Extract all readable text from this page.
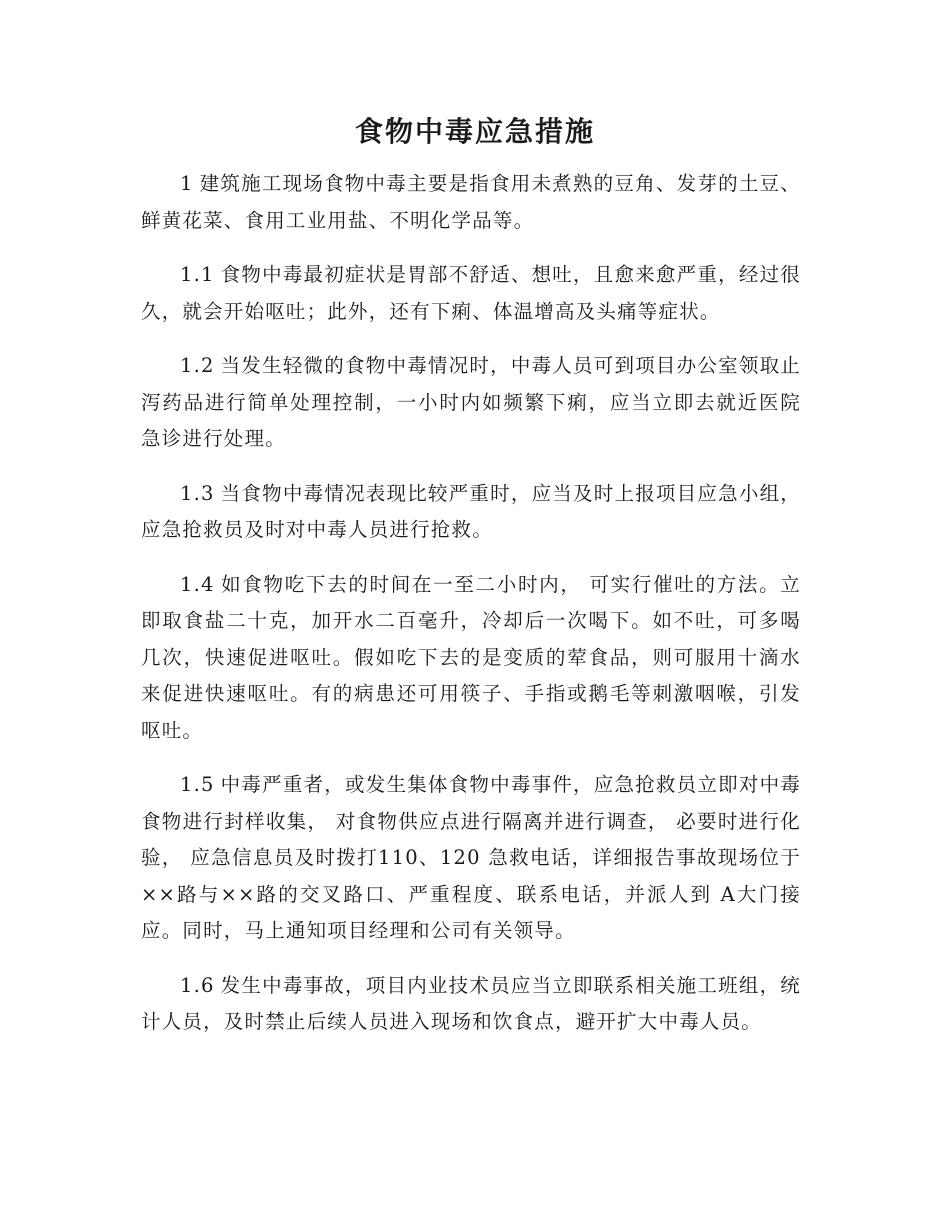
食物中毒应急措施

1 建筑施工现场食物中毒主要是指食用未煮熟的豆角、发芽的土豆、鲜黄花菜、食用工业用盐、不明化学品等。

1.1 食物中毒最初症状是胃部不舒适、想吐，且愈来愈严重，经过很久，就会开始呕吐；此外，还有下痢、体温增高及头痛等症状。

1.2 当发生轻微的食物中毒情况时，中毒人员可到项目办公室领取止泻药品进行简单处理控制，一小时内如频繁下痢，应当立即去就近医院急诊进行处理。

1.3 当食物中毒情况表现比较严重时，应当及时上报项目应急小组，应急抢救员及时对中毒人员进行抢救。

1.4 如食物吃下去的时间在一至二小时内， 可实行催吐的方法。立即取食盐二十克，加开水二百毫升，冷却后一次喝下。如不吐，可多喝几次，快速促进呕吐。假如吃下去的是变质的荤食品，则可服用十滴水来促进快速呕吐。有的病患还可用筷子、手指或鹅毛等刺激咽喉，引发呕吐。

1.5 中毒严重者，或发生集体食物中毒事件，应急抢救员立即对中毒食物进行封样收集， 对食物供应点进行隔离并进行调查， 必要时进行化验， 应急信息员及时拨打110、120 急救电话，详细报告事故现场位于××路与××路的交叉路口、严重程度、联系电话，并派人到 A大门接应。同时，马上通知项目经理和公司有关领导。

1.6 发生中毒事故，项目内业技术员应当立即联系相关施工班组，统计人员，及时禁止后续人员进入现场和饮食点，避开扩大中毒人员。
